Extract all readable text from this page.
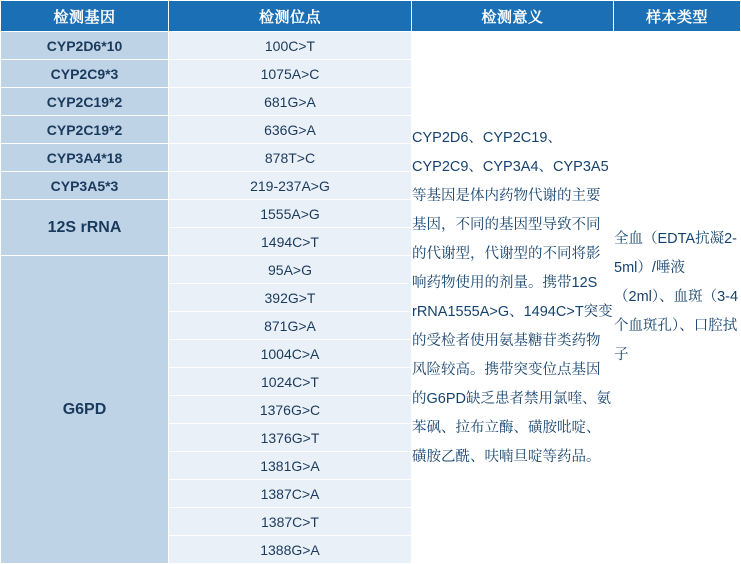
检测基因	检测位点	检测意义	样本类型
CYP2D6*10	100C>T	CYP2D6、CYP2C19、CYP2C9、CYP3A4、CYP3A5等基因是体内药物代谢的主要基因，不同的基因型导致不同的代谢型，代谢型的不同将影响药物使用的剂量。携带12S rRNA1555A>G、1494C>T突变的受检者使用氨基糖苷类药物风险较高。携带突变位点基因的G6PD缺乏患者禁用氯喹、氨苯砜、拉布立酶、磺胺吡啶、磺胺乙酰、呋喃旦啶等药品。	全血（EDTA抗凝2-5ml）/唾液（2ml）、血斑（3-4个血斑孔）、口腔拭子
CYP2C9*3	1075A>C		
CYP2C19*2	681G>A		
CYP2C19*2	636G>A		
CYP3A4*18	878T>C		
CYP3A5*3	219-237A>G		
12S rRNA	1555A>G		
	1494C>T		
G6PD	95A>G		
	392G>T		
	871G>A		
	1004C>A		
	1024C>T		
	1376G>C		
	1376G>T		
	1381G>A		
	1387C>A		
	1387C>T		
	1388G>A		
